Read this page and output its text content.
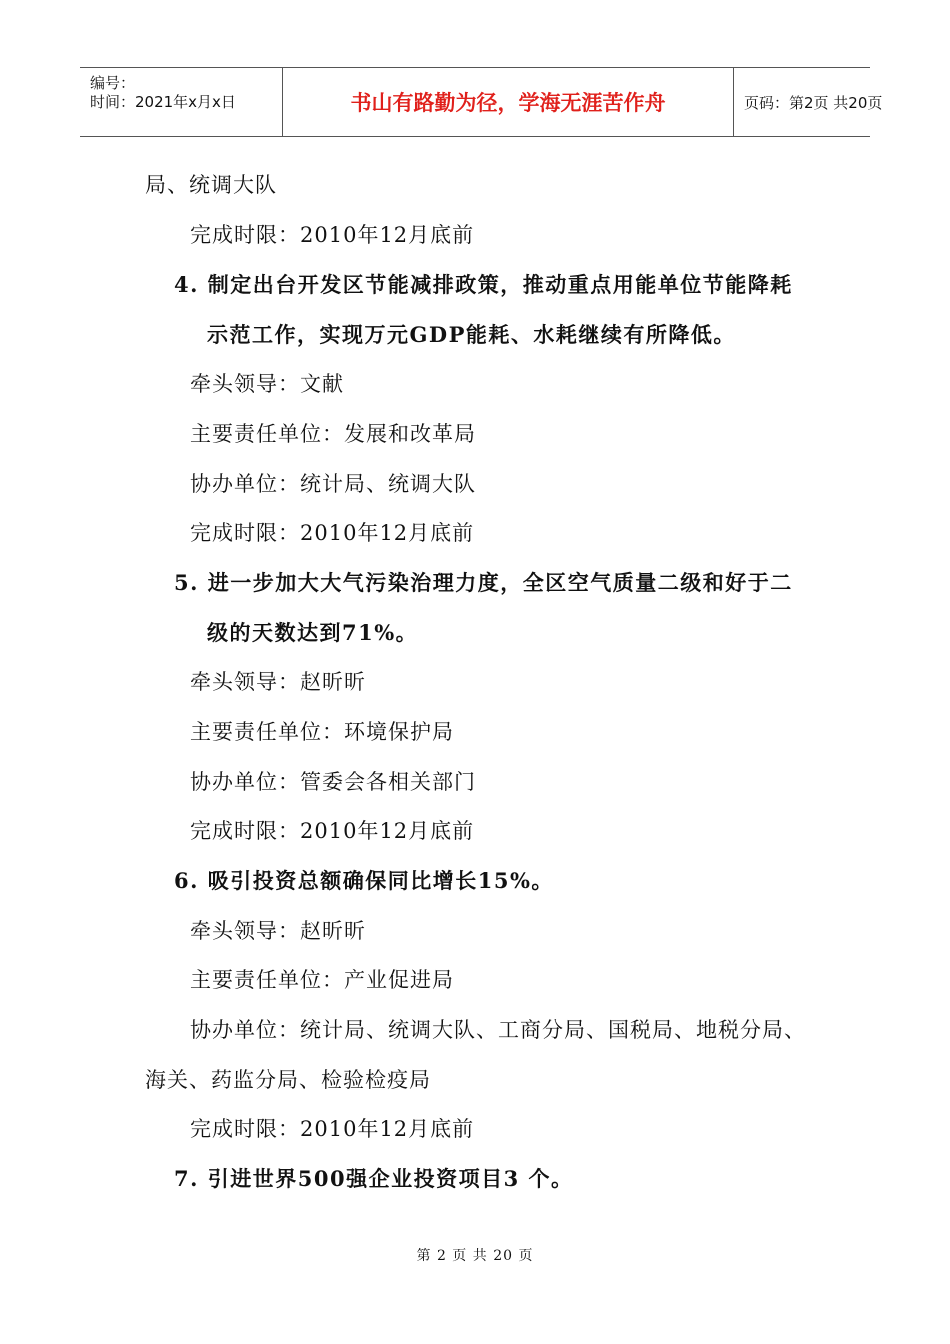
编号：
时间：2021年x月x日	书山有路勤为径，学海无涯苦作舟	页码：第2页 共20页
局、统调大队
完成时限：2010年12月底前
4. 制定出台开发区节能减排政策，推动重点用能单位节能降耗
示范工作，实现万元GDP能耗、水耗继续有所降低。
牵头领导：文献
主要责任单位：发展和改革局
协办单位：统计局、统调大队
完成时限：2010年12月底前
5. 进一步加大大气污染治理力度，全区空气质量二级和好于二
级的天数达到71%。
牵头领导：赵昕昕
主要责任单位：环境保护局
协办单位：管委会各相关部门
完成时限：2010年12月底前
6. 吸引投资总额确保同比增长15%。
牵头领导：赵昕昕
主要责任单位：产业促进局
协办单位：统计局、统调大队、工商分局、国税局、地税分局、
海关、药监分局、检验检疫局
完成时限：2010年12月底前
7. 引进世界500强企业投资项目3 个。
第 2 页 共 20 页
